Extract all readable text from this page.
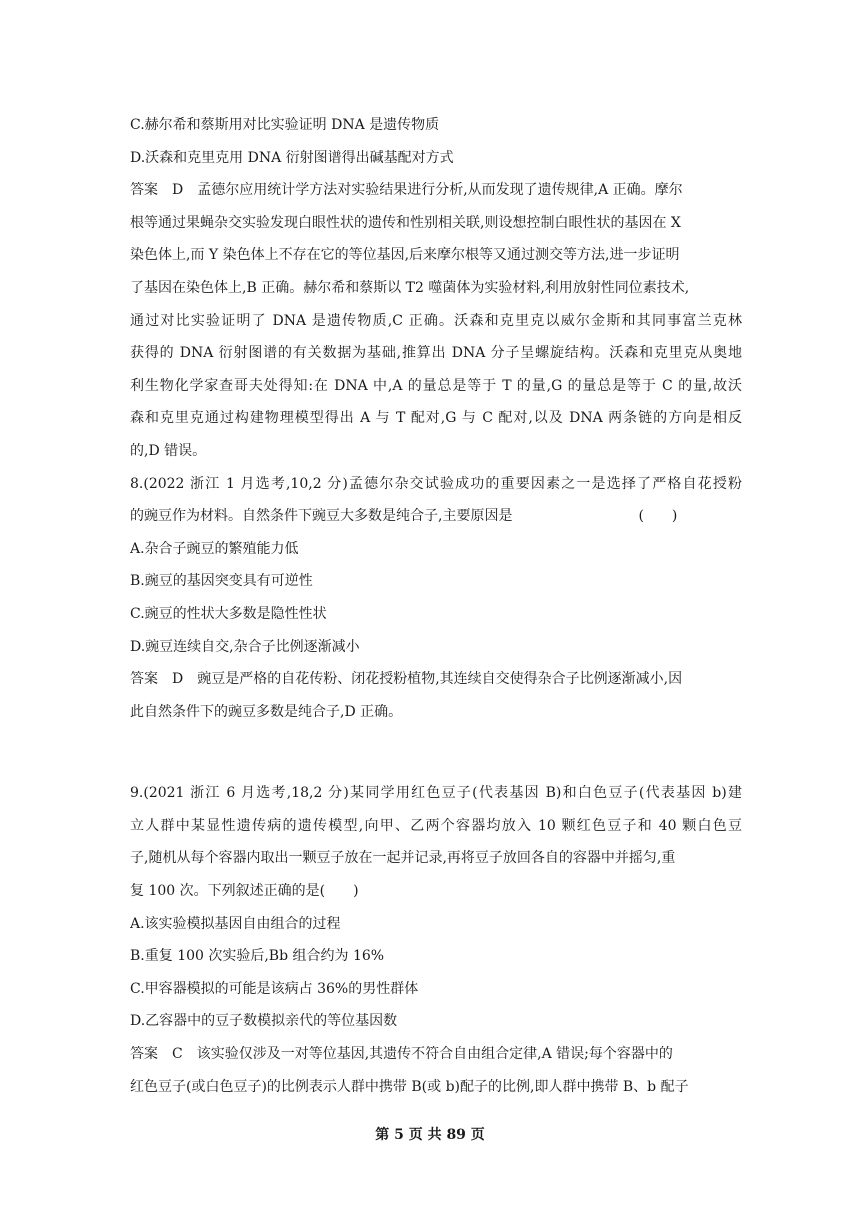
C.赫尔希和蔡斯用对比实验证明 DNA 是遗传物质
D.沃森和克里克用 DNA 衍射图谱得出碱基配对方式
答案　D　孟德尔应用统计学方法对实验结果进行分析,从而发现了遗传规律,A 正确。摩尔
根等通过果蝇杂交实验发现白眼性状的遗传和性别相关联,则设想控制白眼性状的基因在 X
染色体上,而 Y 染色体上不存在它的等位基因,后来摩尔根等又通过测交等方法,进一步证明
了基因在染色体上,B 正确。赫尔希和蔡斯以 T2 噬菌体为实验材料,利用放射性同位素技术,
通过对比实验证明了 DNA 是遗传物质,C 正确。沃森和克里克以威尔金斯和其同事富兰克林
获得的 DNA 衍射图谱的有关数据为基础,推算出 DNA 分子呈螺旋结构。沃森和克里克从奥地
利生物化学家查哥夫处得知:在 DNA 中,A 的量总是等于 T 的量,G 的量总是等于 C 的量,故沃
森和克里克通过构建物理模型得出 A 与 T 配对,G 与 C 配对,以及 DNA 两条链的方向是相反
的,D 错误。
8.(2022 浙江 1 月选考,10,2 分)孟德尔杂交试验成功的重要因素之一是选择了严格自花授粉
的豌豆作为材料。自然条件下豌豆大多数是纯合子,主要原因是　　　　　　　　　(　　)
A.杂合子豌豆的繁殖能力低
B.豌豆的基因突变具有可逆性
C.豌豆的性状大多数是隐性性状
D.豌豆连续自交,杂合子比例逐渐减小
答案　D　豌豆是严格的自花传粉、闭花授粉植物,其连续自交使得杂合子比例逐渐减小,因
此自然条件下的豌豆多数是纯合子,D 正确。
9.(2021 浙江 6 月选考,18,2 分)某同学用红色豆子(代表基因 B)和白色豆子(代表基因 b)建
立人群中某显性遗传病的遗传模型,向甲、乙两个容器均放入 10 颗红色豆子和 40 颗白色豆
子,随机从每个容器内取出一颗豆子放在一起并记录,再将豆子放回各自的容器中并摇匀,重
复 100 次。下列叙述正确的是(　　)
A.该实验模拟基因自由组合的过程
B.重复 100 次实验后,Bb 组合约为 16%
C.甲容器模拟的可能是该病占 36%的男性群体
D.乙容器中的豆子数模拟亲代的等位基因数
答案　C　该实验仅涉及一对等位基因,其遗传不符合自由组合定律,A 错误;每个容器中的
红色豆子(或白色豆子)的比例表示人群中携带 B(或 b)配子的比例,即人群中携带 B、b 配子
第 5 页 共 89 页
